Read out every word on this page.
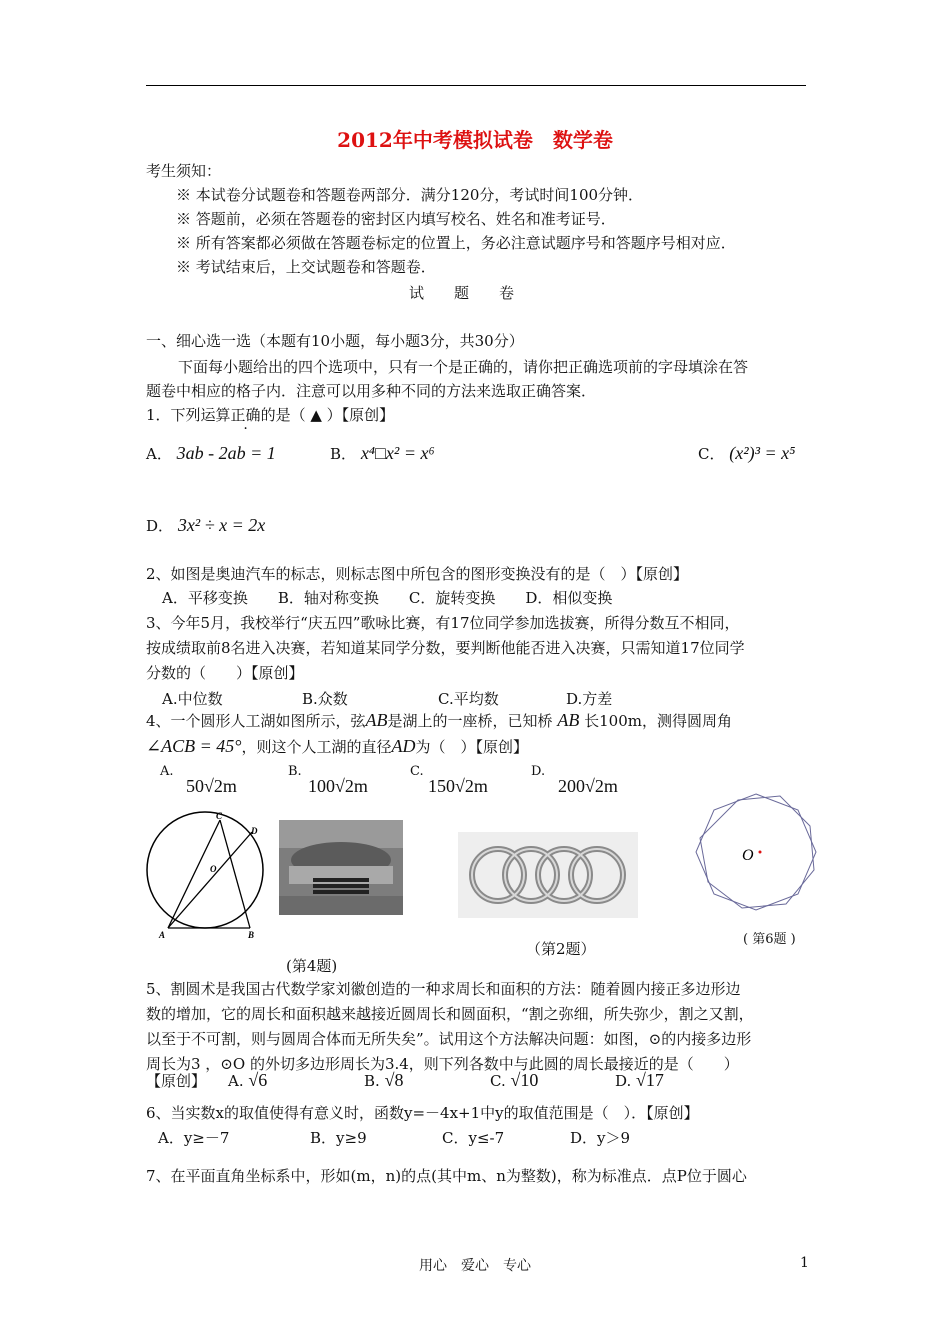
2012年中考模拟试卷　数学卷
考生须知：
※ 本试卷分试题卷和答题卷两部分．满分120分，考试时间100分钟．
※ 答题前，必须在答题卷的密封区内填写校名、姓名和准考证号．
※ 所有答案都必须做在答题卷标定的位置上，务必注意试题序号和答题序号相对应．
※ 考试结束后，上交试题卷和答题卷．
试　　题　　卷
一、细心选一选（本题有10小题，每小题3分，共30分）
下面每小题给出的四个选项中，只有一个是正确的，请你把正确选项前的字母填涂在答
题卷中相应的格子内．注意可以用多种不同的方法来选取正确答案．
1．下列运算正确的是（ ▲ ）【原创】
A． 3ab - 2ab = 1	B． x⁴□x² = x⁶	C． (x²)³ = x⁵
D． 3x² ÷ x = 2x
2、如图是奥迪汽车的标志，则标志图中所包含的图形变换没有的是（　）【原创】
A．平移变换　　B．轴对称变换　　C．旋转变换　　D．相似变换
3、今年5月，我校举行“庆五四”歌咏比赛，有17位同学参加选拔赛，所得分数互不相同，
按成绩取前8名进入决赛，若知道某同学分数，要判断他能否进入决赛，只需知道17位同学
分数的（　　）【原创】
A.中位数	B.众数	C.平均数	D.方差
4、一个圆形人工湖如图所示，弦AB是湖上的一座桥，已知桥 AB 长100m，测得圆周角
∠ACB = 45°，则这个人工湖的直径AD为（　）【原创】
A.
50√2m
B.
100√2m
C.
150√2m
D.
200√2m
C
D
O
A	B
O
(第4题)
（第2题）
( 第6题 )
5、割圆术是我国古代数学家刘徽创造的一种求周长和面积的方法：随着圆内接正多边形边
数的增加，它的周长和面积越来越接近圆周长和圆面积，“割之弥细，所失弥少，割之又割，
以至于不可割，则与圆周合体而无所失矣”。试用这个方法解决问题：如图，⊙的内接多边形
周长为3 ，⊙O 的外切多边形周长为3.4，则下列各数中与此圆的周长最接近的是（　　）
【原创】 A. √6	B. √8	C. √10	D. √17
6、当实数x的取值使得有意义时，函数y=－4x+1中y的取值范围是（　）．【原创】
A．y≥－7	B．y≥9	C．y≤-7	D．y＞9
7、在平面直角坐标系中，形如(m，n)的点(其中m、n为整数)，称为标准点．点P位于圆心
用心　爱心　专心	1
